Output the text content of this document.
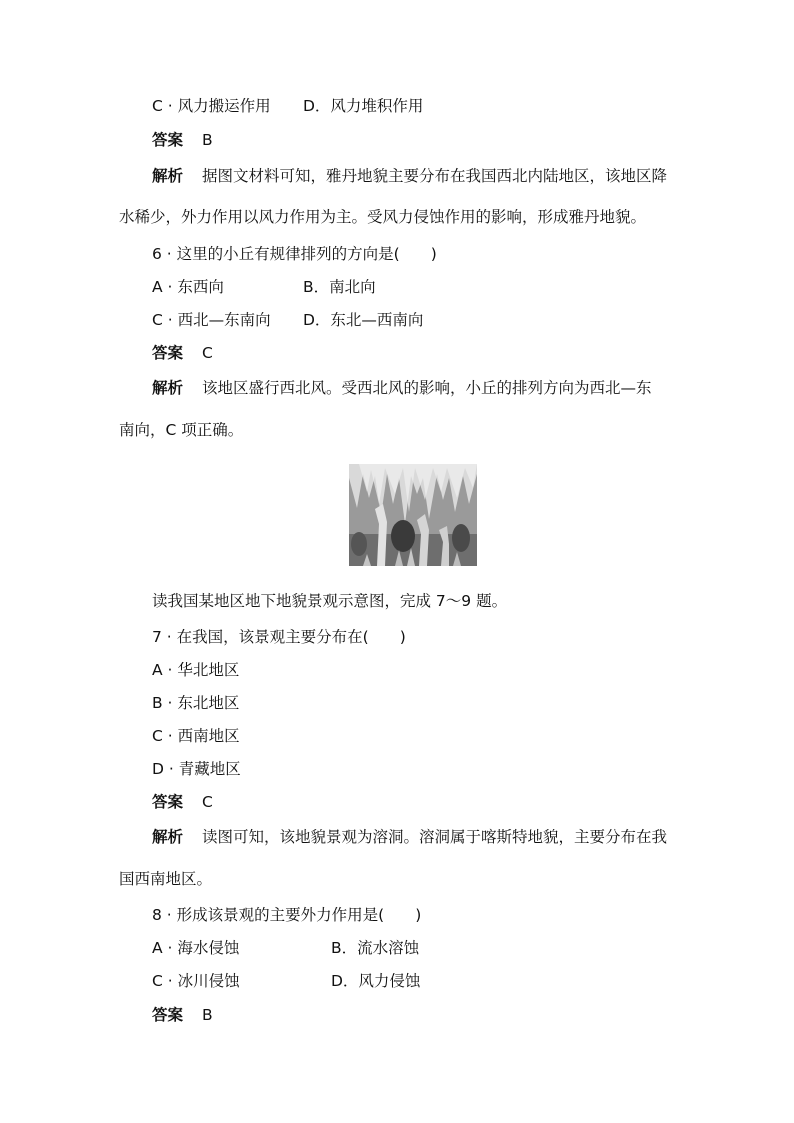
C · 风力搬运作用 D．风力堆积作用
答案 B
解析 据图文材料可知，雅丹地貌主要分布在我国西北内陆地区，该地区降
水稀少，外力作用以风力作用为主。受风力侵蚀作用的影响，形成雅丹地貌。
6 · 这里的小丘有规律排列的方向是(　　)
A · 东西向	B．南北向
C · 西北—东南向 D．东北—西南向
答案 C
解析 该地区盛行西北风。受西北风的影响，小丘的排列方向为西北—东
南向，C 项正确。
读我国某地区地下地貌景观示意图，完成 7～9 题。
7 · 在我国，该景观主要分布在(　　)
A · 华北地区
B · 东北地区
C · 西南地区
D · 青藏地区
答案 C
解析 读图可知，该地貌景观为溶洞。溶洞属于喀斯特地貌，主要分布在我
国西南地区。
8 · 形成该景观的主要外力作用是(　　)
A · 海水侵蚀	B．流水溶蚀
C · 冰川侵蚀	D．风力侵蚀
答案 B
